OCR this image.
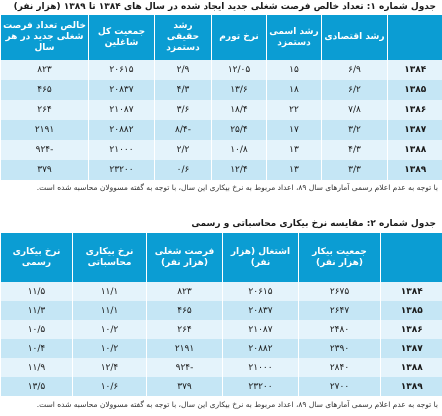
جدول شماره ۱: تعداد خالص فرصت شغلی جدید ایجاد شده در سال های ۱۳۸۴ تا ۱۳۸۹ (هزار نفر)
	رشد اقتصادی	رشد اسمی دستمزد	نرخ تورم	رشد حقیقی دستمزد	جمعیت کل شاغلین	خالص تعداد فرصت شغلی جدید در هر سال
۱۳۸۴	۶/۹	۱۵	۱۲/۰۵	۲/۹	۲۰۶۱۵	۸۲۳
۱۳۸۵	۶/۲	۱۸	۱۳/۶	۴/۳	۲۰۸۳۷	۴۶۵
۱۳۸۶	۷/۸	۲۲	۱۸/۴	۳/۶	۲۱۰۸۷	۲۶۴
۱۳۸۷	۳/۲	۱۷	۲۵/۴	-۸/۴	۲۰۸۸۲	۲۱۹۱
۱۳۸۸	۴/۳	۱۳	۱۰/۸	۲/۲	۲۱۰۰۰	-۹۲۴
۱۳۸۹	۳/۳	۱۳	۱۲/۴	۰/۶	۲۳۲۰۰	۳۷۹
با توجه به عدم اعلام رسمی آمارهای سال ۸۹، اعداد مربوط به نرخ بیکاری این سال، با توجه به گفته مسوولان محاسبه شده است.
جدول شماره ۲: مقایسه نرخ بیکاری محاسباتی و رسمی
	جمعیت بیکار (هزار نفر)	اشتغال (هزار نفر)	فرصت شغلی (هزار نفر)	نرخ بیکاری محاسباتی	نرخ بیکاری رسمی
۱۳۸۴	۲۶۷۵	۲۰۶۱۵	۸۲۳	۱۱/۱	۱۱/۵
۱۳۸۵	۲۶۴۷	۲۰۸۳۷	۴۶۵	۱۱/۱	۱۱/۳
۱۳۸۶	۲۴۸۰	۲۱۰۸۷	۲۶۴	۱۰/۲	۱۰/۵
۱۳۸۷	۲۳۹۰	۲۰۸۸۲	۲۱۹۱	۱۰/۲	۱۰/۴
۱۳۸۸	۲۸۴۰	۲۱۰۰۰	-۹۲۴	۱۲/۴	۱۱/۹
۱۳۸۹	۲۷۰۰	۲۳۲۰۰	۳۷۹	۱۰/۶	۱۳/۵
با توجه به عدم اعلام رسمی آمارهای سال ۸۹، اعداد مربوط به نرخ بیکاری این سال، با توجه به گفته مسوولان محاسبه شده است.
